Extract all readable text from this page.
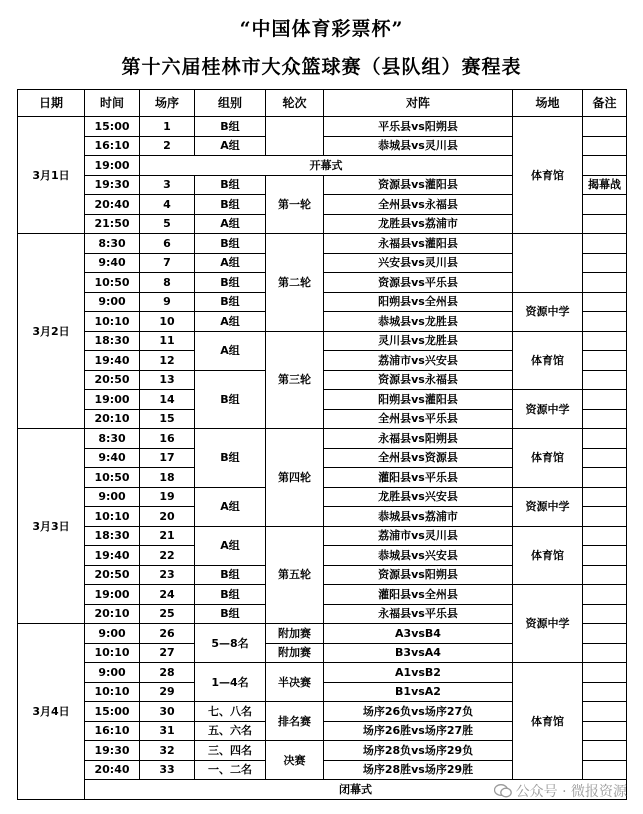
“中国体育彩票杯”
第十六届桂林市大众篮球赛（县队组）赛程表
日期	时间	场序	组别	轮次	对阵	场地	备注
3月1日	15:00	1	B组		平乐县vs阳朔县	体育馆	
	16:10	2	A组		恭城县vs灵川县		
	19:00	开幕式					
	19:30	3	B组	第一轮	资源县vs灌阳县		揭幕战
	20:40	4	B组		全州县vs永福县		
	21:50	5	A组		龙胜县vs荔浦市		
3月2日	8:30	6	B组	第二轮	永福县vs灌阳县		
	9:40	7	A组		兴安县vs灵川县		
	10:50	8	B组		资源县vs平乐县		
	9:00	9	B组		阳朔县vs全州县	资源中学	
	10:10	10	A组		恭城县vs龙胜县		
	18:30	11	A组	第三轮	灵川县vs龙胜县	体育馆	
	19:40	12			荔浦市vs兴安县		
	20:50	13	B组		资源县vs永福县		
	19:00	14			阳朔县vs灌阳县	资源中学	
	20:10	15			全州县vs平乐县		
3月3日	8:30	16	B组	第四轮	永福县vs阳朔县	体育馆	
	9:40	17			全州县vs资源县		
	10:50	18			灌阳县vs平乐县		
	9:00	19	A组		龙胜县vs兴安县	资源中学	
	10:10	20			恭城县vs荔浦市		
	18:30	21	A组	第五轮	荔浦市vs灵川县	体育馆	
	19:40	22			恭城县vs兴安县		
	20:50	23	B组		资源县vs阳朔县		
	19:00	24	B组		灌阳县vs全州县	资源中学	
	20:10	25	B组		永福县vs平乐县		
3月4日	9:00	26	5—8名	附加赛	A3vsB4		
	10:10	27		附加赛	B3vsA4		
	9:00	28	1—4名	半决赛	A1vsB2	体育馆	
	10:10	29			B1vsA2		
	15:00	30	七、八名	排名赛	场序26负vs场序27负		
	16:10	31	五、六名		场序26胜vs场序27胜		
	19:30	32	三、四名	决赛	场序28负vs场序29负		
	20:40	33	一、二名		场序28胜vs场序29胜		
	闭幕式							公众号 · 微报资源
